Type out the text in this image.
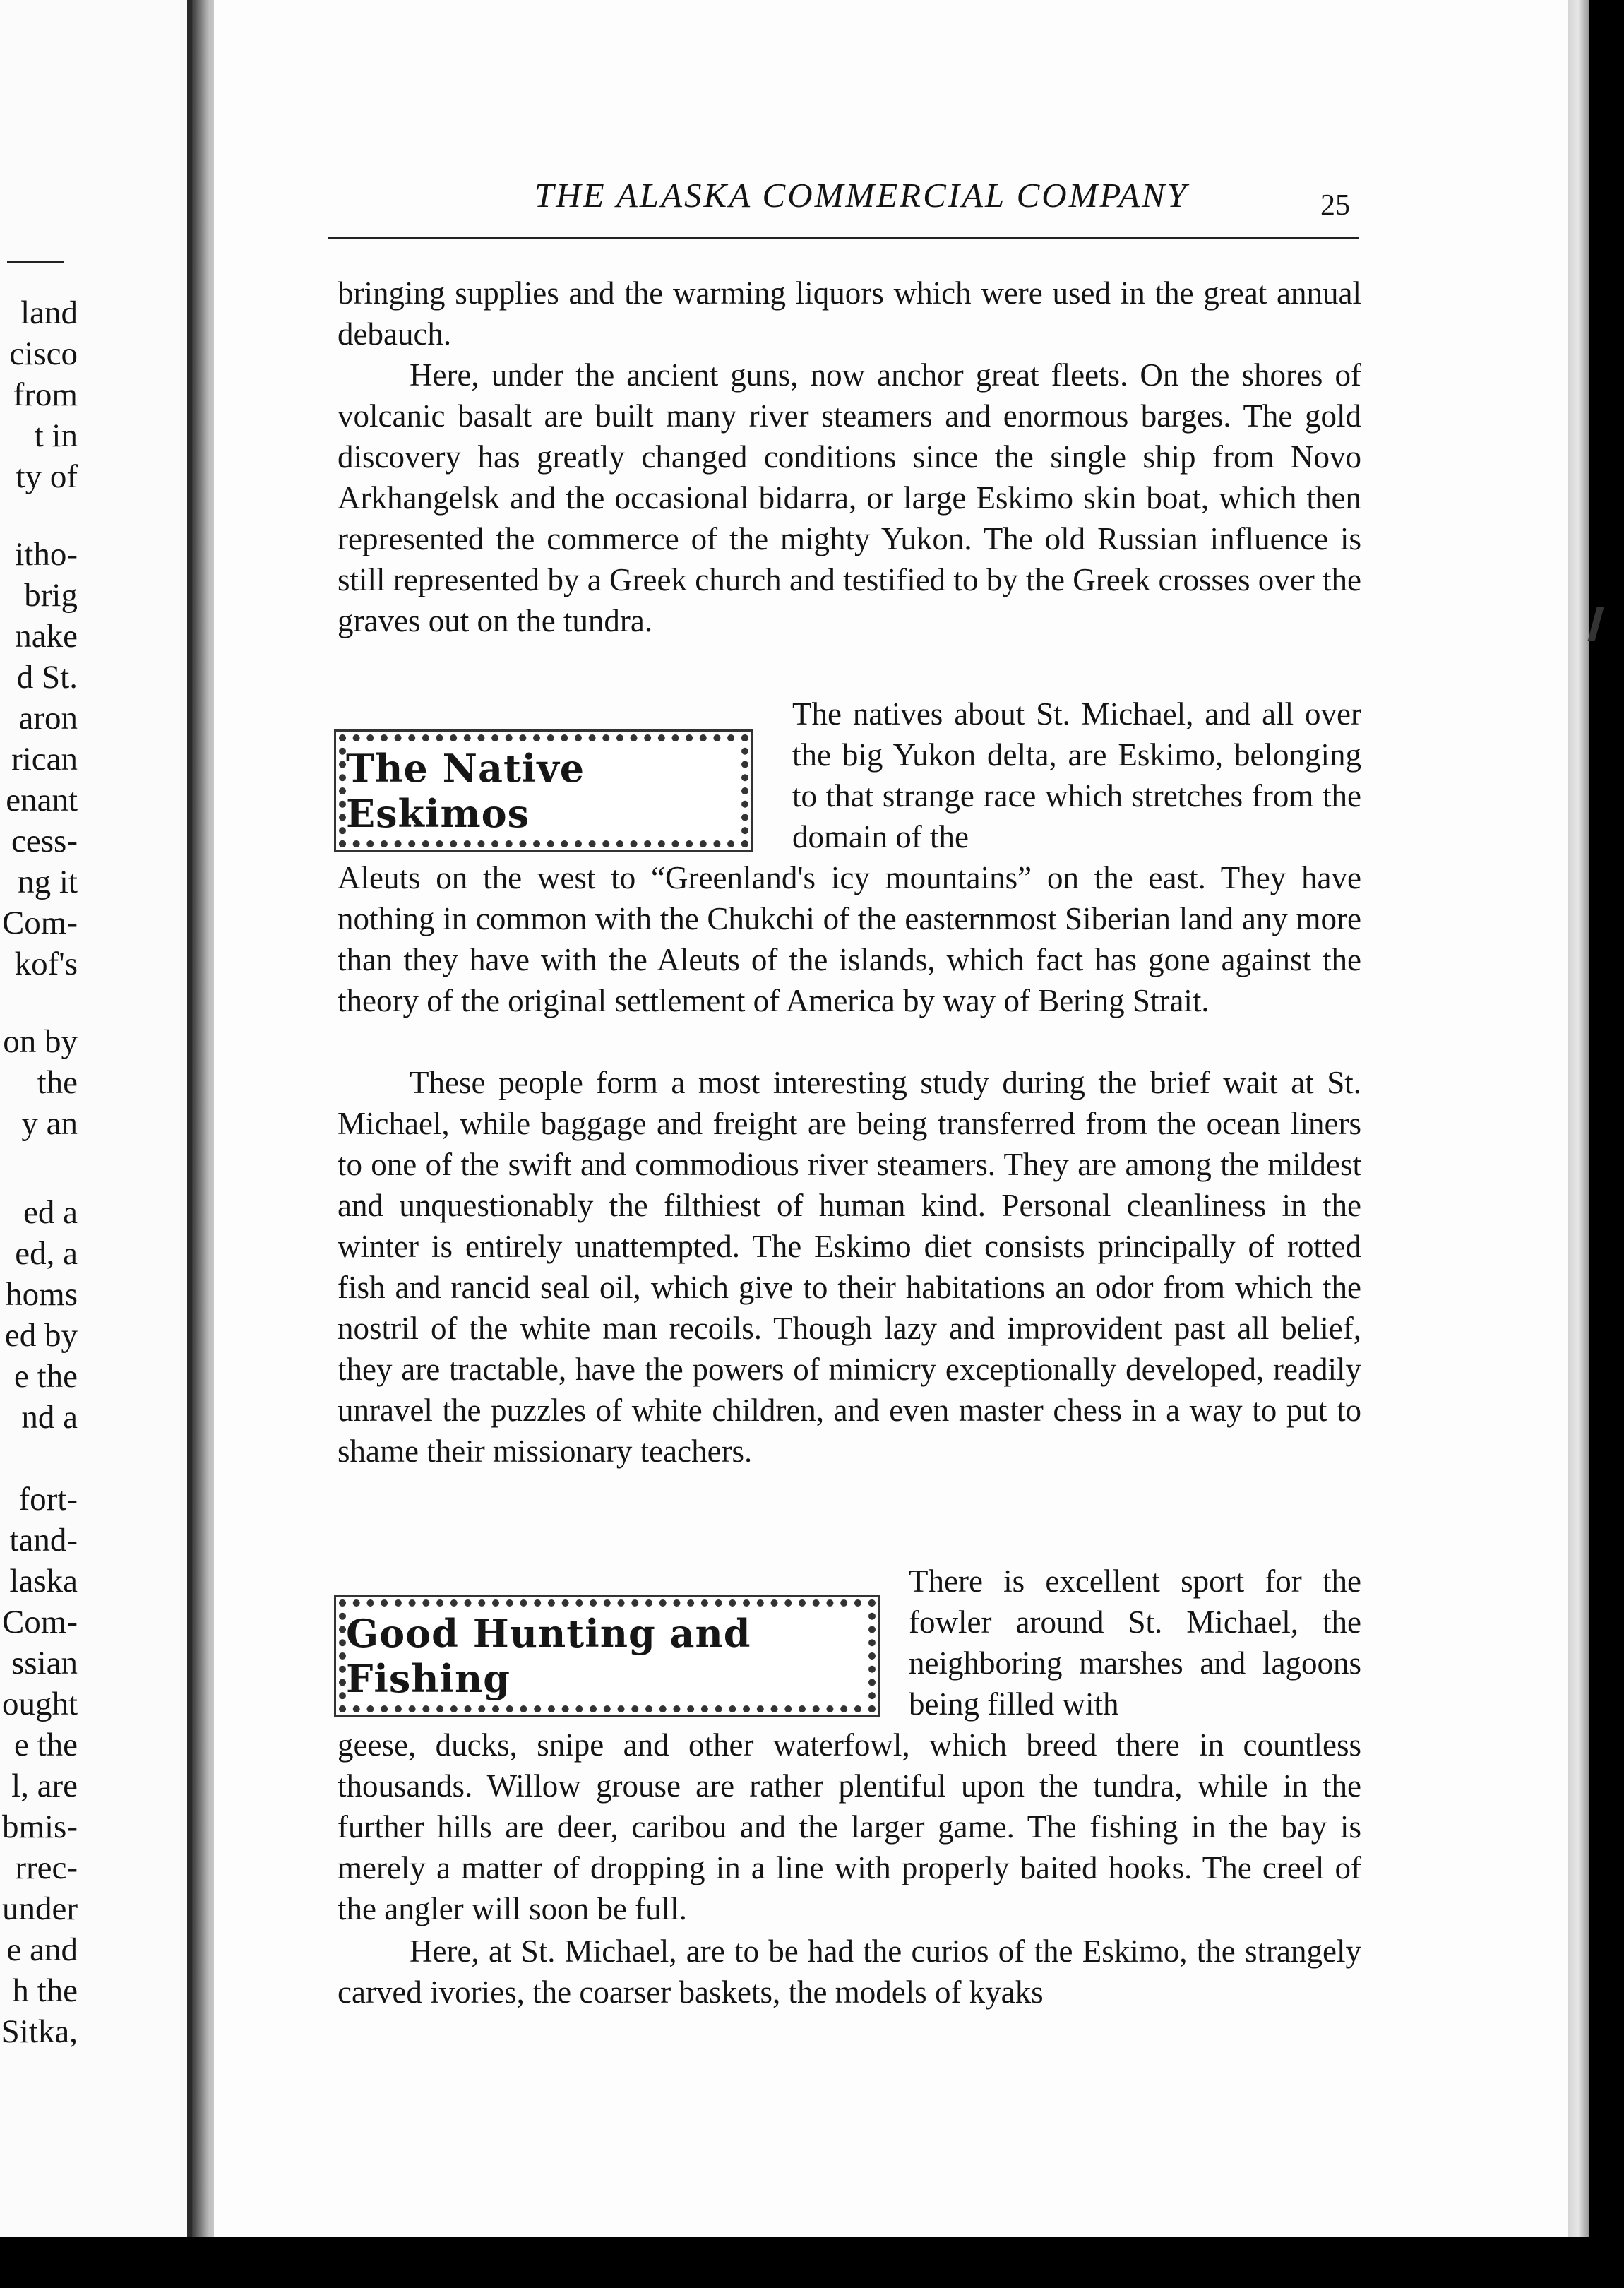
land
cisco
from
t in
ty of
itho-
brig
nake
d St.
aron
rican
enant
cess-
ng it
Com-
kof's
on by
the
y an
ed a
ed, a
homs
ed by
e the
nd a
fort-
tand-
laska
Com-
ssian
ought
e the
l, are
bmis-
rrec-
under
e and
h the
Sitka,
THE ALASKA COMMERCIAL COMPANY	25

bringing supplies and the warming liquors which were used in the great annual debauch.

Here, under the ancient guns, now anchor great fleets. On the shores of volcanic basalt are built many river steamers and enormous barges. The gold discovery has greatly changed conditions since the single ship from Novo Arkhangelsk and the occasional bidarra, or large Eskimo skin boat, which then represented the commerce of the mighty Yukon. The old Russian influence is still represented by a Greek church and testified to by the Greek crosses over the graves out on the tundra.

The Native Eskimos

The natives about St. Michael, and all over the big Yukon delta, are Eskimo, belonging to that strange race which stretches from the domain of the

Aleuts on the west to “Greenland's icy mountains” on the east. They have nothing in common with the Chukchi of the easternmost Siberian land any more than they have with the Aleuts of the islands, which fact has gone against the theory of the original settlement of America by way of Bering Strait.

These people form a most interesting study during the brief wait at St. Michael, while baggage and freight are being transferred from the ocean liners to one of the swift and commodious river steamers. They are among the mildest and unquestionably the filthiest of human kind. Personal cleanliness in the winter is entirely unattempted. The Eskimo diet consists principally of rotted fish and rancid seal oil, which give to their habitations an odor from which the nostril of the white man recoils. Though lazy and improvident past all belief, they are tractable, have the powers of mimicry exceptionally developed, readily unravel the puzzles of white children, and even master chess in a way to put to shame their missionary teachers.

Good Hunting and Fishing

There is excellent sport for the fowler around St. Michael, the neighboring marshes and lagoons being filled with

geese, ducks, snipe and other waterfowl, which breed there in countless thousands. Willow grouse are rather plentiful upon the tundra, while in the further hills are deer, caribou and the larger game. The fishing in the bay is merely a matter of dropping in a line with properly baited hooks. The creel of the angler will soon be full.

Here, at St. Michael, are to be had the curios of the Eskimo, the strangely carved ivories, the coarser baskets, the models of kyaks
